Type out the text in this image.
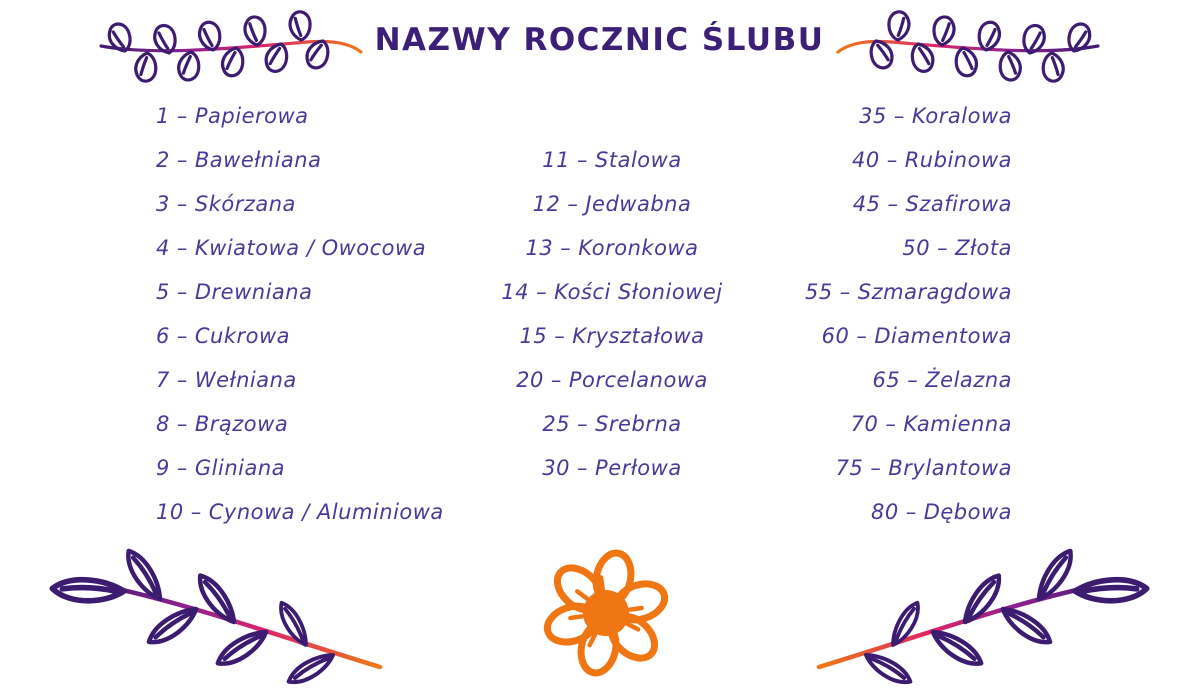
NAZWY ROCZNIC ŚLUBU
1 – Papierowa
2 – Bawełniana
3 – Skórzana
4 – Kwiatowa / Owocowa
5 – Drewniana
6 – Cukrowa
7 – Wełniana
8 – Brązowa
9 – Gliniana
10 – Cynowa / Aluminiowa
11 – Stalowa
12 – Jedwabna
13 – Koronkowa
14 – Kości Słoniowej
15 – Kryształowa
20 – Porcelanowa
25 – Srebrna
30 – Perłowa
35 – Koralowa
40 – Rubinowa
45 – Szafirowa
50 – Złota
55 – Szmaragdowa
60 – Diamentowa
65 – Żelazna
70 – Kamienna
75 – Brylantowa
80 – Dębowa
